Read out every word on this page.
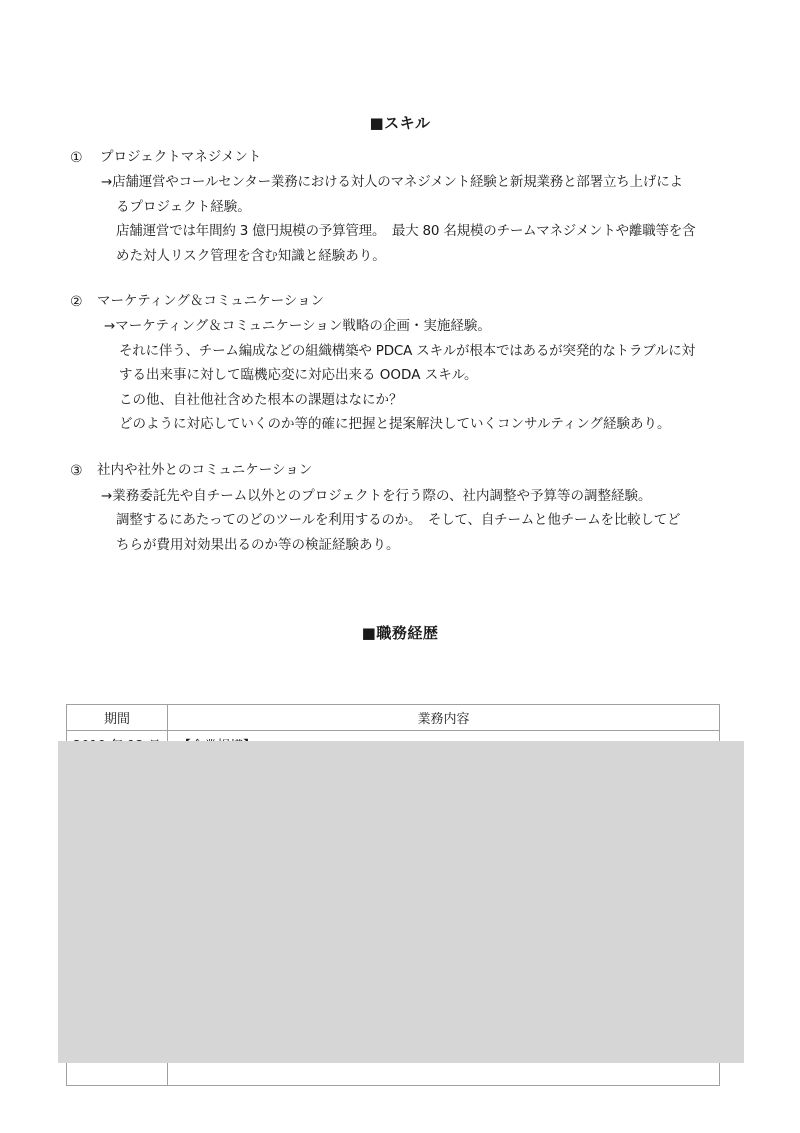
■スキル
① プロジェクトマネジメント
→店舗運営やコールセンター業務における対人のマネジメント経験と新規業務と部署立ち上げによ
るプロジェクト経験。
店舗運営では年間約 3 億円規模の予算管理。　最大 80 名規模のチームマネジメントや離職等を含
めた対人リスク管理を含む知識と経験あり。
② マーケティング＆コミュニケーション
→マーケティング＆コミュニケーション戦略の企画・実施経験。
それに伴う、チーム編成などの組織構築や PDCA スキルが根本ではあるが突発的なトラブルに対
する出来事に対して臨機応変に対応出来る OODA スキル。
この他、自社他社含めた根本の課題はなにか？
どのように対応していくのか等的確に把握と提案解決していくコンサルティング経験あり。
③ 社内や社外とのコミュニケーション
→業務委託先や自チーム以外とのプロジェクトを行う際の、社内調整や予算等の調整経験。
調整するにあたってのどのツールを利用するのか。　そして、自チームと他チームを比較してど
ちらが費用対効果出るのか等の検証経験あり。
■職務経歴
期間	業務内容
